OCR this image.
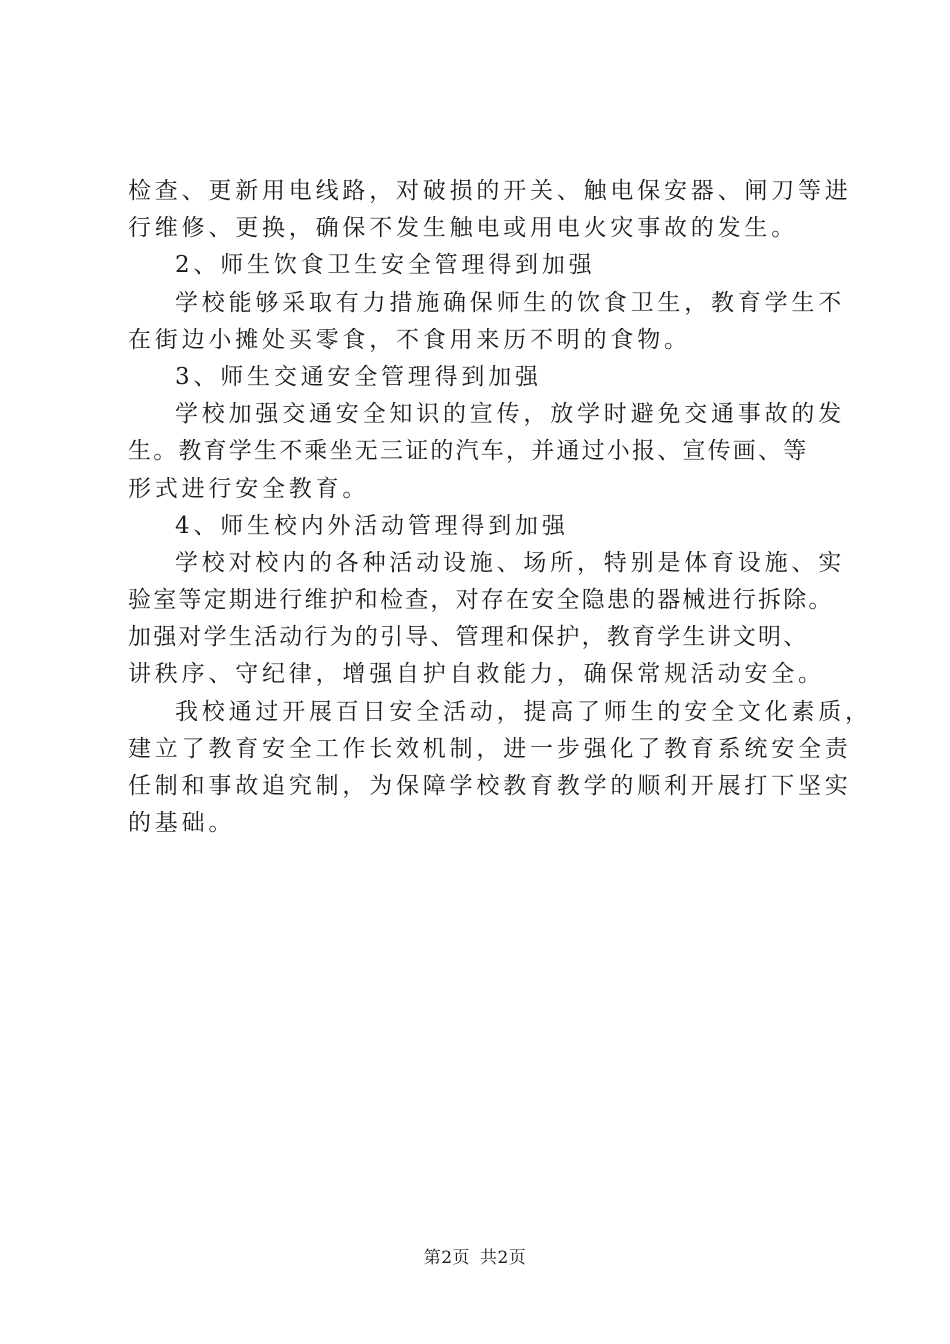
检查、更新用电线路，对破损的开关、触电保安器、闸刀等进
行维修、更换，确保不发生触电或用电火灾事故的发生。
2、师生饮食卫生安全管理得到加强
学校能够采取有力措施确保师生的饮食卫生，教育学生不
在街边小摊处买零食，不食用来历不明的食物。
3、师生交通安全管理得到加强
学校加强交通安全知识的宣传，放学时避免交通事故的发
生。教育学生不乘坐无三证的汽车，并通过小报、宣传画、等
形式进行安全教育。
4、师生校内外活动管理得到加强
学校对校内的各种活动设施、场所，特别是体育设施、实
验室等定期进行维护和检查，对存在安全隐患的器械进行拆除。
加强对学生活动行为的引导、管理和保护，教育学生讲文明、
讲秩序、守纪律，增强自护自救能力，确保常规活动安全。
我校通过开展百日安全活动，提高了师生的安全文化素质，
建立了教育安全工作长效机制，进一步强化了教育系统安全责
任制和事故追究制，为保障学校教育教学的顺利开展打下坚实
的基础。
第2页 共2页
